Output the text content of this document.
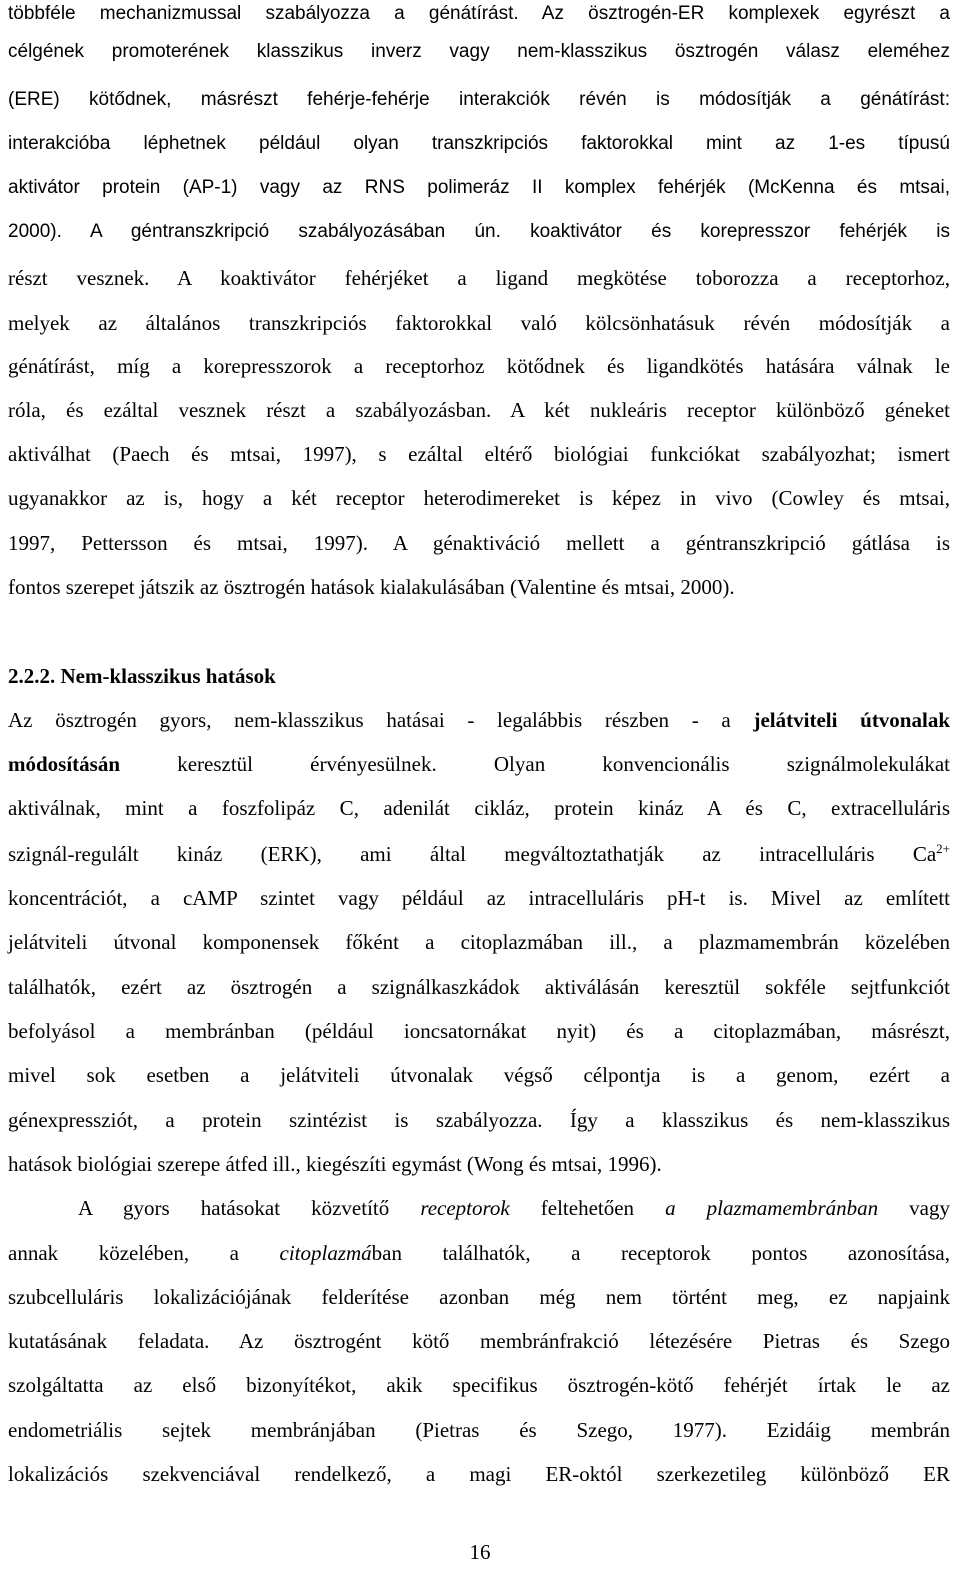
többféle mechanizmussal szabályozza a génátírást. Az ösztrogén-ER komplexek egyrészt a
célgének promoterének klasszikus inverz vagy nem-klasszikus ösztrogén válasz eleméhez
(ERE) kötődnek, másrészt fehérje-fehérje interakciók révén is módosítják a génátírást:
interakcióba léphetnek például olyan transzkripciós faktorokkal mint az 1-es típusú
aktivátor protein (AP-1) vagy az RNS polimeráz II komplex fehérjék (McKenna és mtsai,
2000). A géntranszkripció szabályozásában ún. koaktivátor és korepresszor fehérjék is
részt vesznek. A koaktivátor fehérjéket a ligand megkötése toborozza a receptorhoz,
melyek az általános transzkripciós faktorokkal való kölcsönhatásuk révén módosítják a
génátírást, míg a korepresszorok a receptorhoz kötődnek és ligandkötés hatására válnak le
róla, és ezáltal vesznek részt a szabályozásban. A két nukleáris receptor különböző géneket
aktiválhat (Paech és mtsai, 1997), s ezáltal eltérő biológiai funkciókat szabályozhat; ismert
ugyanakkor az is, hogy a két receptor heterodimereket is képez in vivo (Cowley és mtsai,
1997, Pettersson és mtsai, 1997). A génaktiváció mellett a géntranszkripció gátlása is
fontos szerepet játszik az ösztrogén hatások kialakulásában (Valentine és mtsai, 2000).
2.2.2. Nem-klasszikus hatások
Az ösztrogén gyors, nem-klasszikus hatásai - legalábbis részben - a jelátviteli útvonalak
módosításán keresztül érvényesülnek. Olyan konvencionális szignálmolekulákat
aktiválnak, mint a foszfolipáz C, adenilát cikláz, protein kináz A és C, extracelluláris
szignál-regulált kináz (ERK), ami által megváltoztathatják az intracelluláris $Ca^{2+}$
koncentrációt, a cAMP szintet vagy például az intracelluláris pH-t is. Mivel az említett
jelátviteli útvonal komponensek főként a citoplazmában ill., a plazmamembrán közelében
találhatók, ezért az ösztrogén a szignálkaszkádok aktiválásán keresztül sokféle sejtfunkciót
befolyásol a membránban (például ioncsatornákat nyit) és a citoplazmában, másrészt,
mivel sok esetben a jelátviteli útvonalak végső célpontja is a genom, ezért a
génexpressziót, a protein szintézist is szabályozza. Így a klasszikus és nem-klasszikus
hatások biológiai szerepe átfed ill., kiegészíti egymást (Wong és mtsai, 1996).
A gyors hatásokat közvetítő receptorok feltehetően a plazmamembránban vagy
annak közelében, a citoplazmában találhatók, a receptorok pontos azonosítása,
szubcelluláris lokalizációjának felderítése azonban még nem történt meg, ez napjaink
kutatásának feladata. Az ösztrogént kötő membránfrakció létezésére Pietras és Szego
szolgáltatta az első bizonyítékot, akik specifikus ösztrogén-kötő fehérjét írtak le az
endometriális sejtek membránjában (Pietras és Szego, 1977). Ezidáig membrán
lokalizációs szekvenciával rendelkező, a magi ER-októl szerkezetileg különböző ER
16
